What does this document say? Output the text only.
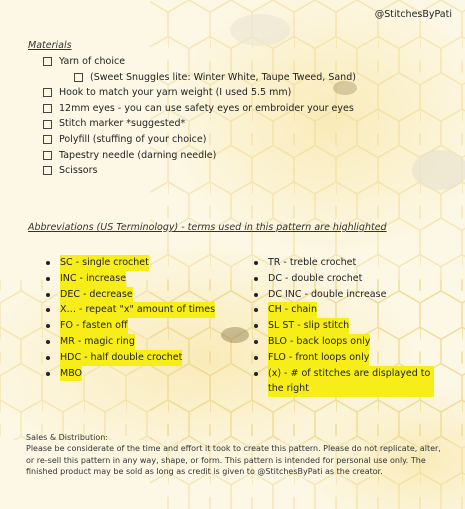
@StitchesByPati
Materials
Yarn of choice
(Sweet Snuggles lite: Winter White, Taupe Tweed, Sand)
Hook to match your yarn weight (I used 5.5 mm)
12mm eyes - you can use safety eyes or embroider your eyes
Stitch marker *suggested*
Polyfill (stuffing of your choice)
Tapestry needle (darning needle)
Scissors
Abbreviations (US Terminology) - terms used in this pattern are highlighted
SC - single crochet
INC - increase
DEC - decrease
X… - repeat "x" amount of times
FO - fasten off
MR - magic ring
HDC - half double crochet
MBO
TR - treble crochet
DC - double crochet
DC INC - double increase
CH - chain
SL ST - slip stitch
BLO - back loops only
FLO - front loops only
(x) - # of stitches are displayed to the right

Sales & Distribution:

Please be considerate of the time and effort it took to create this pattern. Please do not replicate, alter, or re-sell this pattern in any way, shape, or form. This pattern is intended for personal use only. The finished product may be sold as long as credit is given to @StitchesByPati as the creator.
